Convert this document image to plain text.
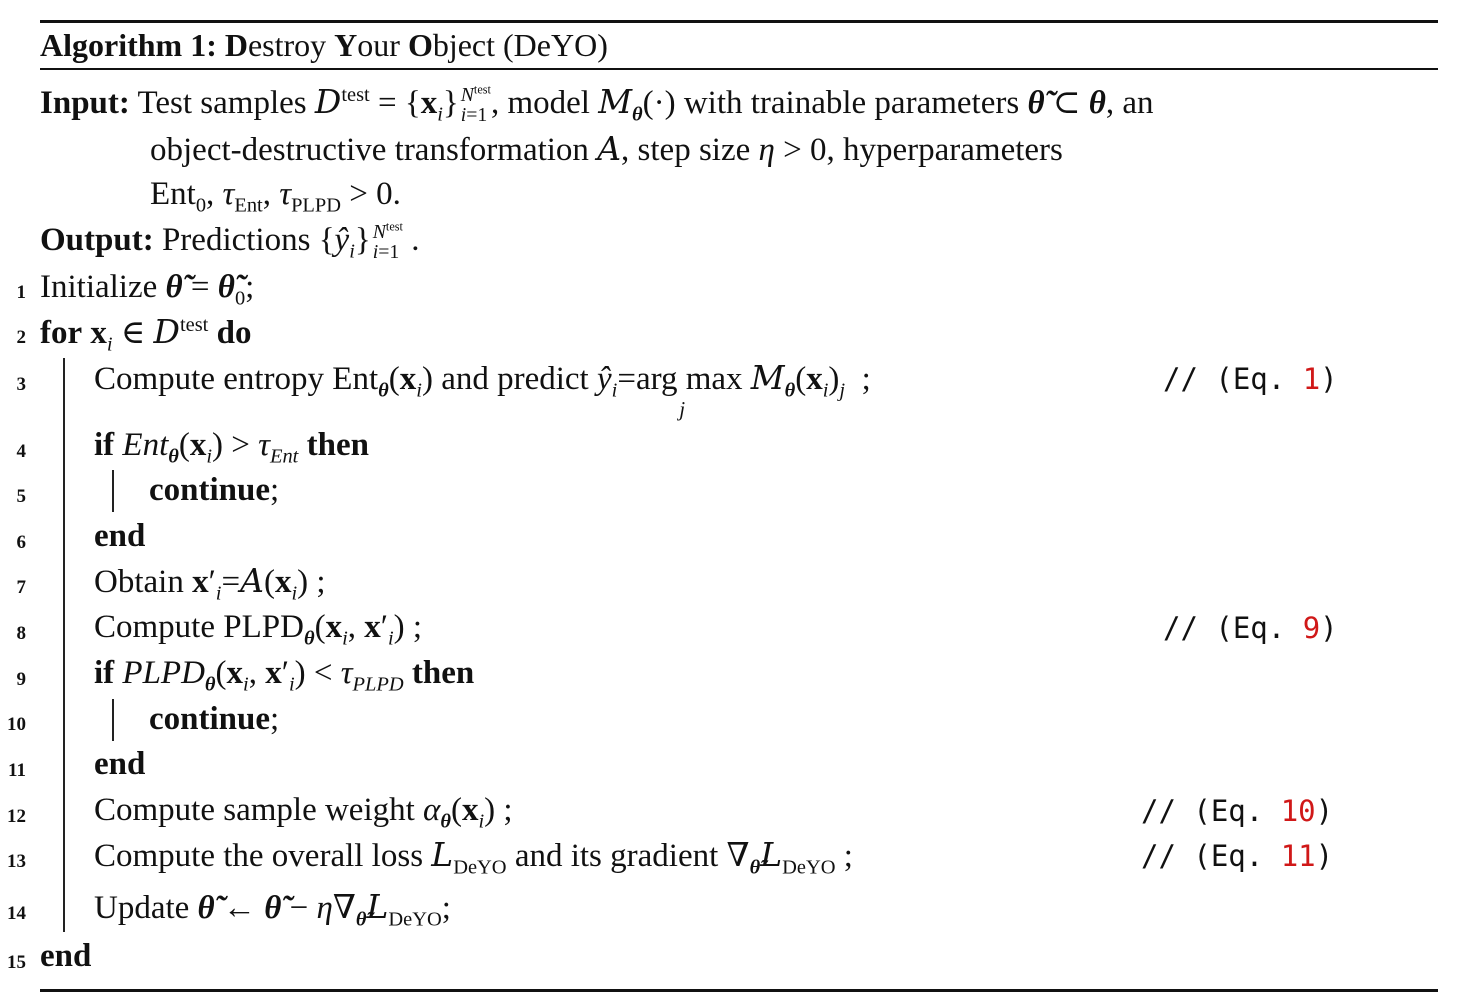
Algorithm 1: Destroy Your Object (DeYO)
Input: Test samples $D^{test} = \{x_i\}$ $N^{test}$
i=1 , model $M_\theta(\cdot)$ with trainable parameters θ̃ ⊂ θ, an
object-destructive transformation A, step size η > 0, hyperparameters
Ent$_0$, $\tau_{Ent}$, $\tau_{PLPD} > 0$.
Output: Predictions $\{ŷ_i\}$ $N^{test}$
i=1 .
1 Initialize θ̃ = $\thetã_0$;
2 for $x_i$ ∈ $D^{test}$ do
3 Compute entropy $Ent_\theta(x_i)$ and predict $ŷ_i=arg$ max
j
$M_\theta(x_i)_j$  ;	// (Eq. 1)
4 if $Ent_\theta(x_i) > \tau_{Ent}$ then
5	continue;
6 end
7 Obtain $x'_i=A(x_i)$ ;
8 Compute $PLPD_\theta(x_i$, $x'_i$) ;	// (Eq. 9)
9 if $PLPD_\theta(x_i$, $x'_i) < \tau_{PLPD}$ then
10	continue;
11 end
12 Compute sample weight $\alpha_\theta(x_i)$ ;	// (Eq. 10)
13 Compute the overall loss $L_{DeYO}$ and its gradient $\nabla_{\thetã}L_{DeYO}$ ;	// (Eq. 11)
14 Update θ̃ ← θ̃ − $\eta\nabla_{\thetã}L_{DeYO}$;
15 end
